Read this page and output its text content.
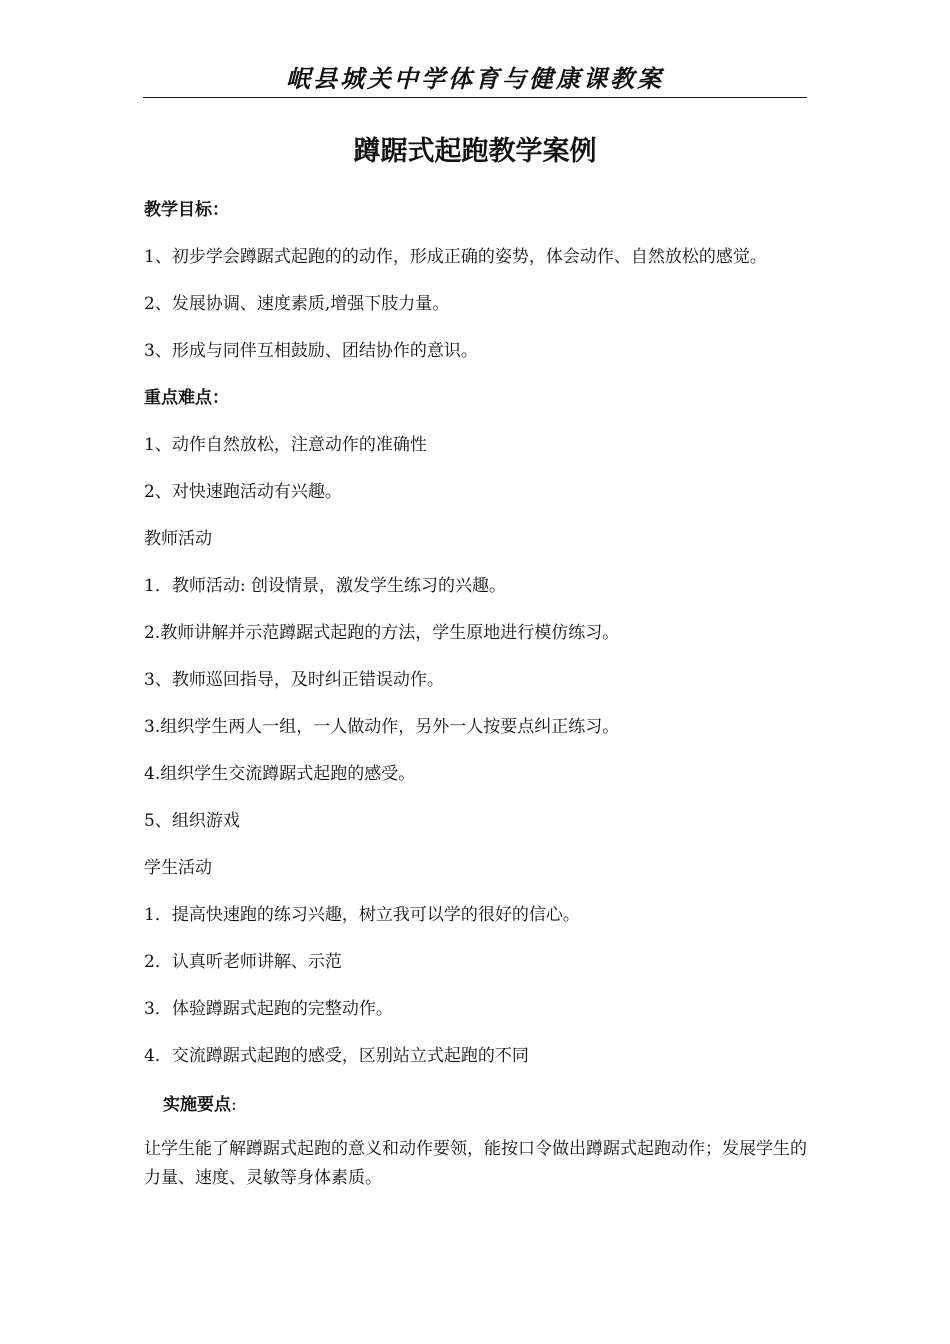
岷县城关中学体育与健康课教案
蹲踞式起跑教学案例
教学目标：
1、初步学会蹲踞式起跑的的动作，形成正确的姿势，体会动作、自然放松的感觉。
2、发展协调、速度素质,增强下肢力量。
3、形成与同伴互相鼓励、团结协作的意识。
重点难点：
1、动作自然放松，注意动作的准确性
2、对快速跑活动有兴趣。
教师活动
1．教师活动: 创设情景，激发学生练习的兴趣。
2.教师讲解并示范蹲踞式起跑的方法，学生原地进行模仿练习。
3、教师巡回指导，及时纠正错误动作。
3.组织学生两人一组，一人做动作，另外一人按要点纠正练习。
4.组织学生交流蹲踞式起跑的感受。
5、组织游戏
学生活动
1．提高快速跑的练习兴趣，树立我可以学的很好的信心。
2．认真听老师讲解、示范
3．体验蹲踞式起跑的完整动作。
4．交流蹲踞式起跑的感受，区别站立式起跑的不同
实施要点:
让学生能了解蹲踞式起跑的意义和动作要领，能按口令做出蹲踞式起跑动作；发展学生的力量、速度、灵敏等身体素质。
